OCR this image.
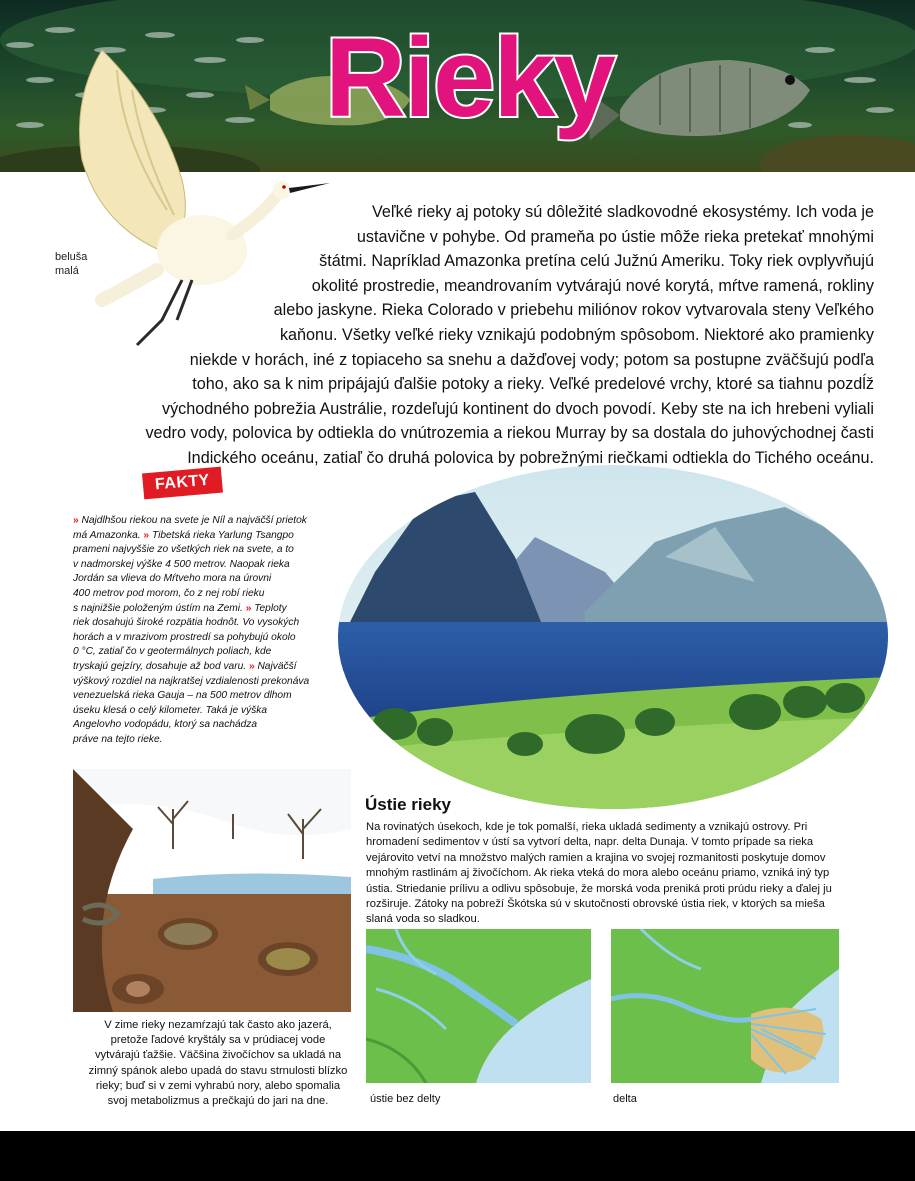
Rieky
beluša
malá
Veľké rieky aj potoky sú dôležité sladkovodné ekosystémy. Ich voda je
ustavične v pohybe. Od prameňa po ústie môže rieka pretekať mnohými
štátmi. Napríklad Amazonka pretína celú Južnú Ameriku. Toky riek ovplyvňujú
okolité prostredie, meandrovaním vytvárajú nové korytá, mŕtve ramená, rokliny
alebo jaskyne. Rieka Colorado v priebehu miliónov rokov vytvarovala steny Veľkého
kaňonu. Všetky veľké rieky vznikajú podobným spôsobom. Niektoré ako pramienky
niekde v horách, iné z topiaceho sa snehu a dažďovej vody; potom sa postupne zväčšujú podľa
toho, ako sa k nim pripájajú ďalšie potoky a rieky. Veľké predelové vrchy, ktoré sa tiahnu pozdĺž
východného pobrežia Austrálie, rozdeľujú kontinent do dvoch povodí. Keby ste na ich hrebeni vyliali
vedro vody, polovica by odtiekla do vnútrozemia a riekou Murray by sa dostala do juhovýchodnej časti
Indického oceánu, zatiaľ čo druhá polovica by pobrežnými riečkami odtiekla do Tichého oceánu.
FAKTY
» Najdlhšou riekou na svete je Níl a najväčší prietok
má Amazonka. » Tibetská rieka Yarlung Tsangpo
prameni najvyššie zo všetkých riek na svete, a to
v nadmorskej výške 4 500 metrov. Naopak rieka
Jordán sa vlieva do Mŕtveho mora na úrovni
400 metrov pod morom, čo z nej robí rieku
s najnižšie položeným ústím na Zemi. » Teploty
riek dosahujú široké rozpätia hodnôt. Vo vysokých
horách a v mrazivom prostredí sa pohybujú okolo
0 °C, zatiaľ čo v geotermálnych poliach, kde
tryskajú gejzíry, dosahuje až bod varu. » Najväčší
výškový rozdiel na najkratšej vzdialenosti prekonáva
venezuelská rieka Gauja – na 500 metrov dlhom
úseku klesá o celý kilometer. Taká je výška
Angelovho vodopádu, ktorý sa nachádza
práve na tejto rieke.
V zime rieky nezamŕzajú tak často ako jazerá,
pretože ľadové kryštály sa v prúdiacej vode
vytvárajú ťažšie. Väčšina živočíchov sa ukladá na
zimný spánok alebo upadá do stavu strnulosti blízko
rieky; buď si v zemi vyhrabú nory, alebo spomalia
svoj metabolizmus a prečkajú do jari na dne.
Ústie rieky
Na rovinatých úsekoch, kde je tok pomalší, rieka ukladá sedimenty a vznikajú ostrovy. Pri
hromadení sedimentov v ústí sa vytvorí delta, napr. delta Dunaja. V tomto prípade sa rieka
vejárovito vetví na množstvo malých ramien a krajina vo svojej rozmanitosti poskytuje domov
mnohým rastlinám aj živočíchom. Ak rieka vteká do mora alebo oceánu priamo, vzniká iný typ
ústia. Striedanie prílivu a odlivu spôsobuje, že morská voda preniká proti prúdu rieky a ďalej ju
rozširuje. Zátoky na pobreží Škótska sú v skutočnosti obrovské ústia riek, v ktorých sa mieša
slaná voda so sladkou.
ústie bez delty	delta
